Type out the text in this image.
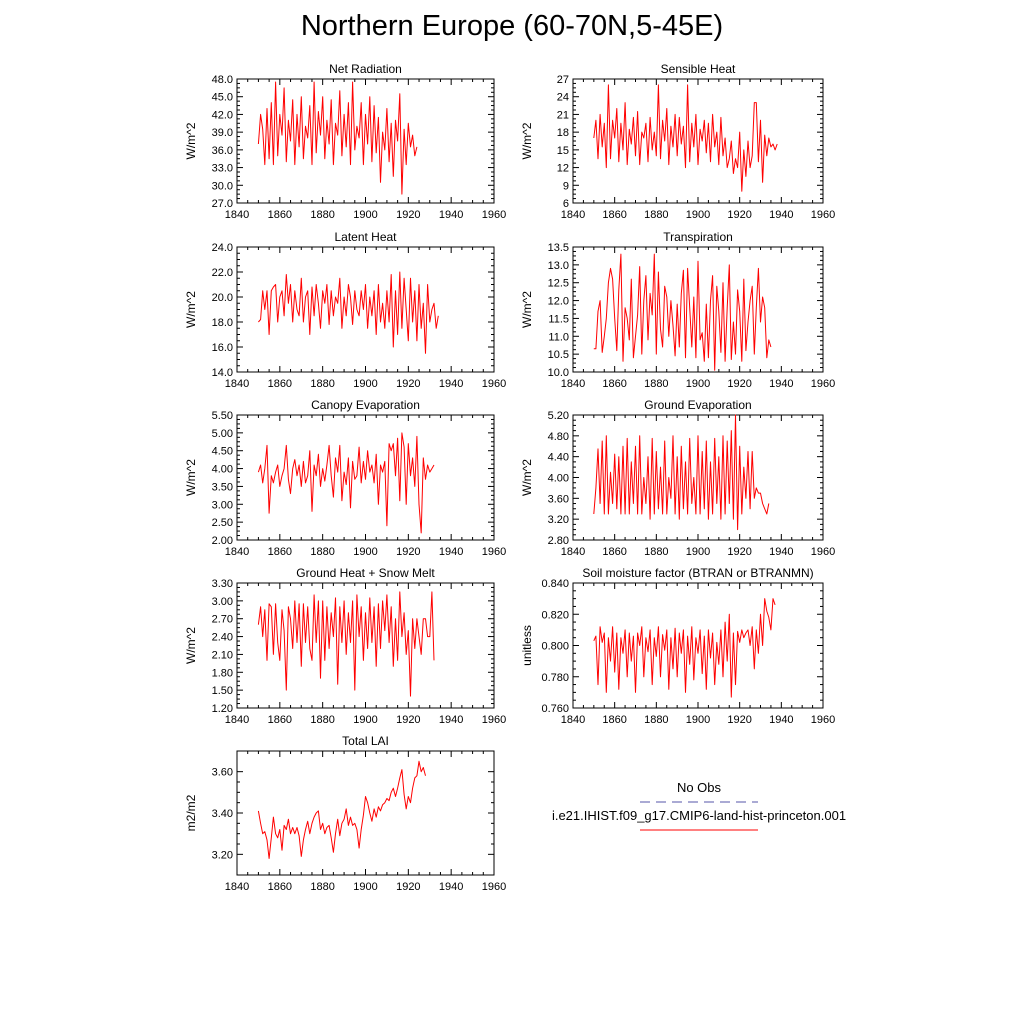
Northern Europe (60-70N,5-45E)
Net Radiation
W/m^2
1840 1860 1880 1900 1920 1940 1960
27.0
30.0
33.0
36.0
39.0
42.0
45.0
48.0
Sensible Heat
W/m^2
1840 1860 1880 1900 1920 1940 1960
6
9
12
15
18
21
24
27
Latent Heat
W/m^2
1840 1860 1880 1900 1920 1940 1960
14.0
16.0
18.0
20.0
22.0
24.0
Transpiration
W/m^2
1840 1860 1880 1900 1920 1940 1960
10.0
10.5
11.0
11.5
12.0
12.5
13.0
13.5
Canopy Evaporation
W/m^2
1840 1860 1880 1900 1920 1940 1960
2.00
2.50
3.00
3.50
4.00
4.50
5.00
5.50
Ground Evaporation
W/m^2
1840 1860 1880 1900 1920 1940 1960
2.80
3.20
3.60
4.00
4.40
4.80
5.20
Ground Heat + Snow Melt
W/m^2
1840 1860 1880 1900 1920 1940 1960
1.20
1.50
1.80
2.10
2.40
2.70
3.00
3.30
Soil moisture factor (BTRAN or BTRANMN)
unitless
1840 1860 1880 1900 1920 1940 1960
0.760
0.780
0.800
0.820
0.840
Total LAI
m2/m2
1840 1860 1880 1900 1920 1940 1960
3.20
3.40
3.60
No Obs
i.e21.IHIST.f09_g17.CMIP6-land-hist-princeton.001
